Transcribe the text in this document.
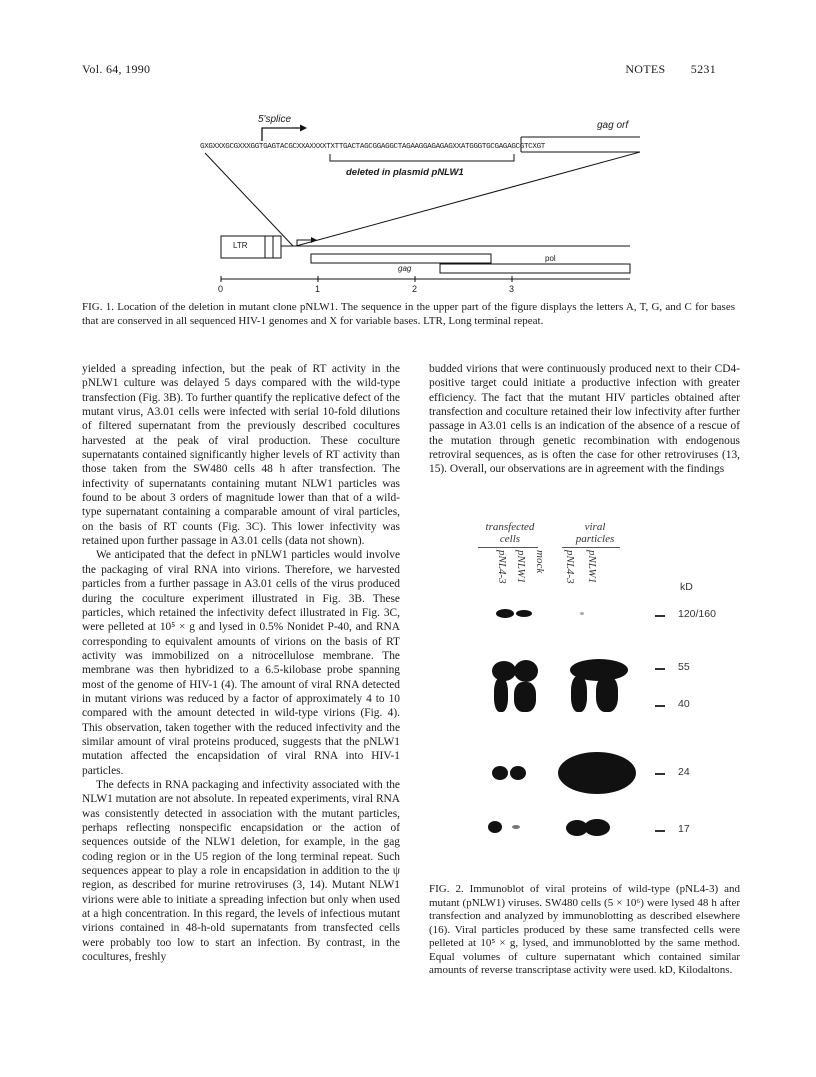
Vol. 64, 1990	NOTES 5231
5'splice
gag orf
GXGXXXGCGXXXGGTGAGTACGCXXAXXXXTXTTGACTAGCGGAGGCTAGAAGGAGAGAGXXATGGGTGCGAGAGCGTCXGT
deleted in plasmid pNLW1
LTR
gag
pol
0	1	2	3
FIG. 1. Location of the deletion in mutant clone pNLW1. The sequence in the upper part of the figure displays the letters A, T, G, and C for bases that are conserved in all sequenced HIV-1 genomes and X for variable bases. LTR, Long terminal repeat.

yielded a spreading infection, but the peak of RT activity in the pNLW1 culture was delayed 5 days compared with the wild-type transfection (Fig. 3B). To further quantify the replicative defect of the mutant virus, A3.01 cells were infected with serial 10-fold dilutions of filtered supernatant from the previously described cocultures harvested at the peak of viral production. These coculture supernatants contained significantly higher levels of RT activity than those taken from the SW480 cells 48 h after transfection. The infectivity of supernatants containing mutant NLW1 particles was found to be about 3 orders of magnitude lower than that of a wild-type supernatant containing a comparable amount of viral particles, on the basis of RT counts (Fig. 3C). This lower infectivity was retained upon further passage in A3.01 cells (data not shown).

We anticipated that the defect in pNLW1 particles would involve the packaging of viral RNA into virions. Therefore, we harvested particles from a further passage in A3.01 cells of the virus produced during the coculture experiment illustrated in Fig. 3B. These particles, which retained the infectivity defect illustrated in Fig. 3C, were pelleted at 10⁵ × g and lysed in 0.5% Nonidet P-40, and RNA corresponding to equivalent amounts of virions on the basis of RT activity was immobilized on a nitrocellulose membrane. The membrane was then hybridized to a 6.5-kilobase probe spanning most of the genome of HIV-1 (4). The amount of viral RNA detected in mutant virions was reduced by a factor of approximately 4 to 10 compared with the amount detected in wild-type virions (Fig. 4). This observation, taken together with the reduced infectivity and the similar amount of viral proteins produced, suggests that the pNLW1 mutation affected the encapsidation of viral RNA into HIV-1 particles.

The defects in RNA packaging and infectivity associated with the NLW1 mutation are not absolute. In repeated experiments, viral RNA was consistently detected in association with the mutant particles, perhaps reflecting nonspecific encapsidation or the action of sequences outside of the NLW1 deletion, for example, in the gag coding region or in the U5 region of the long terminal repeat. Such sequences appear to play a role in encapsidation in addition to the ψ region, as described for murine retroviruses (3, 14). Mutant NLW1 virions were able to initiate a spreading infection but only when used at a high concentration. In this regard, the levels of infectious mutant virions contained in 48-h-old supernatants from transfected cells were probably too low to start an infection. By contrast, in the cocultures, freshly

budded virions that were continuously produced next to their CD4-positive target could initiate a productive infection with greater efficiency. The fact that the mutant HIV particles obtained after transfection and coculture retained their low infectivity after further passage in A3.01 cells is an indication of the absence of a rescue of the mutation through genetic recombination with endogenous retroviral sequences, as is often the case for other retroviruses (13, 15). Overall, our observations are in agreement with the findings

transfected
cells
viral
particles
pNL4-3 pNLW1 mock pNL4-3 pNLW1
kD
120/160
55
40
24
17
FIG. 2. Immunoblot of viral proteins of wild-type (pNL4-3) and mutant (pNLW1) viruses. SW480 cells (5 × 10⁶) were lysed 48 h after transfection and analyzed by immunoblotting as described elsewhere (16). Viral particles produced by these same transfected cells were pelleted at 10⁵ × g, lysed, and immunoblotted by the same method. Equal volumes of culture supernatant which contained similar amounts of reverse transcriptase activity were used. kD, Kilodaltons.
